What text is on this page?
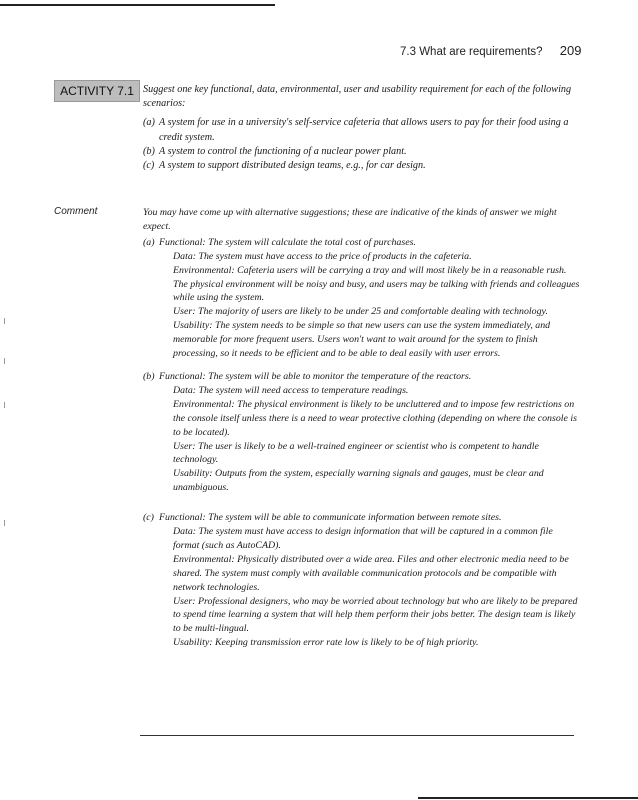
7.3 What are requirements? 209
ACTIVITY 7.1 Suggest one key functional, data, environmental, user and usability requirement for each of the following scenarios:

(a) A system for use in a university's self-service cafeteria that allows users to pay for their food using a credit system.

(b) A system to control the functioning of a nuclear power plant.

(c) A system to support distributed design teams, e.g., for car design.

Comment	You may have come up with alternative suggestions; these are indicative of the kinds of answer we might expect.

(a) Functional: The system will calculate the total cost of purchases.

Data: The system must have access to the price of products in the cafeteria.

Environmental: Cafeteria users will be carrying a tray and will most likely be in a reasonable rush. The physical environment will be noisy and busy, and users may be talking with friends and colleagues while using the system.

User: The majority of users are likely to be under 25 and comfortable dealing with technology.

Usability: The system needs to be simple so that new users can use the system immediately, and memorable for more frequent users. Users won't want to wait around for the system to finish processing, so it needs to be efficient and to be able to deal easily with user errors.

(b) Functional: The system will be able to monitor the temperature of the reactors.

Data: The system will need access to temperature readings.

Environmental: The physical environment is likely to be uncluttered and to impose few restrictions on the console itself unless there is a need to wear protective clothing (depending on where the console is to be located).

User: The user is likely to be a well-trained engineer or scientist who is competent to handle technology.

Usability: Outputs from the system, especially warning signals and gauges, must be clear and unambiguous.

(c) Functional: The system will be able to communicate information between remote sites.

Data: The system must have access to design information that will be captured in a common file format (such as AutoCAD).

Environmental: Physically distributed over a wide area. Files and other electronic media need to be shared. The system must comply with available communication protocols and be compatible with network technologies.

User: Professional designers, who may be worried about technology but who are likely to be prepared to spend time learning a system that will help them perform their jobs better. The design team is likely to be multi-lingual.

Usability: Keeping transmission error rate low is likely to be of high priority.
